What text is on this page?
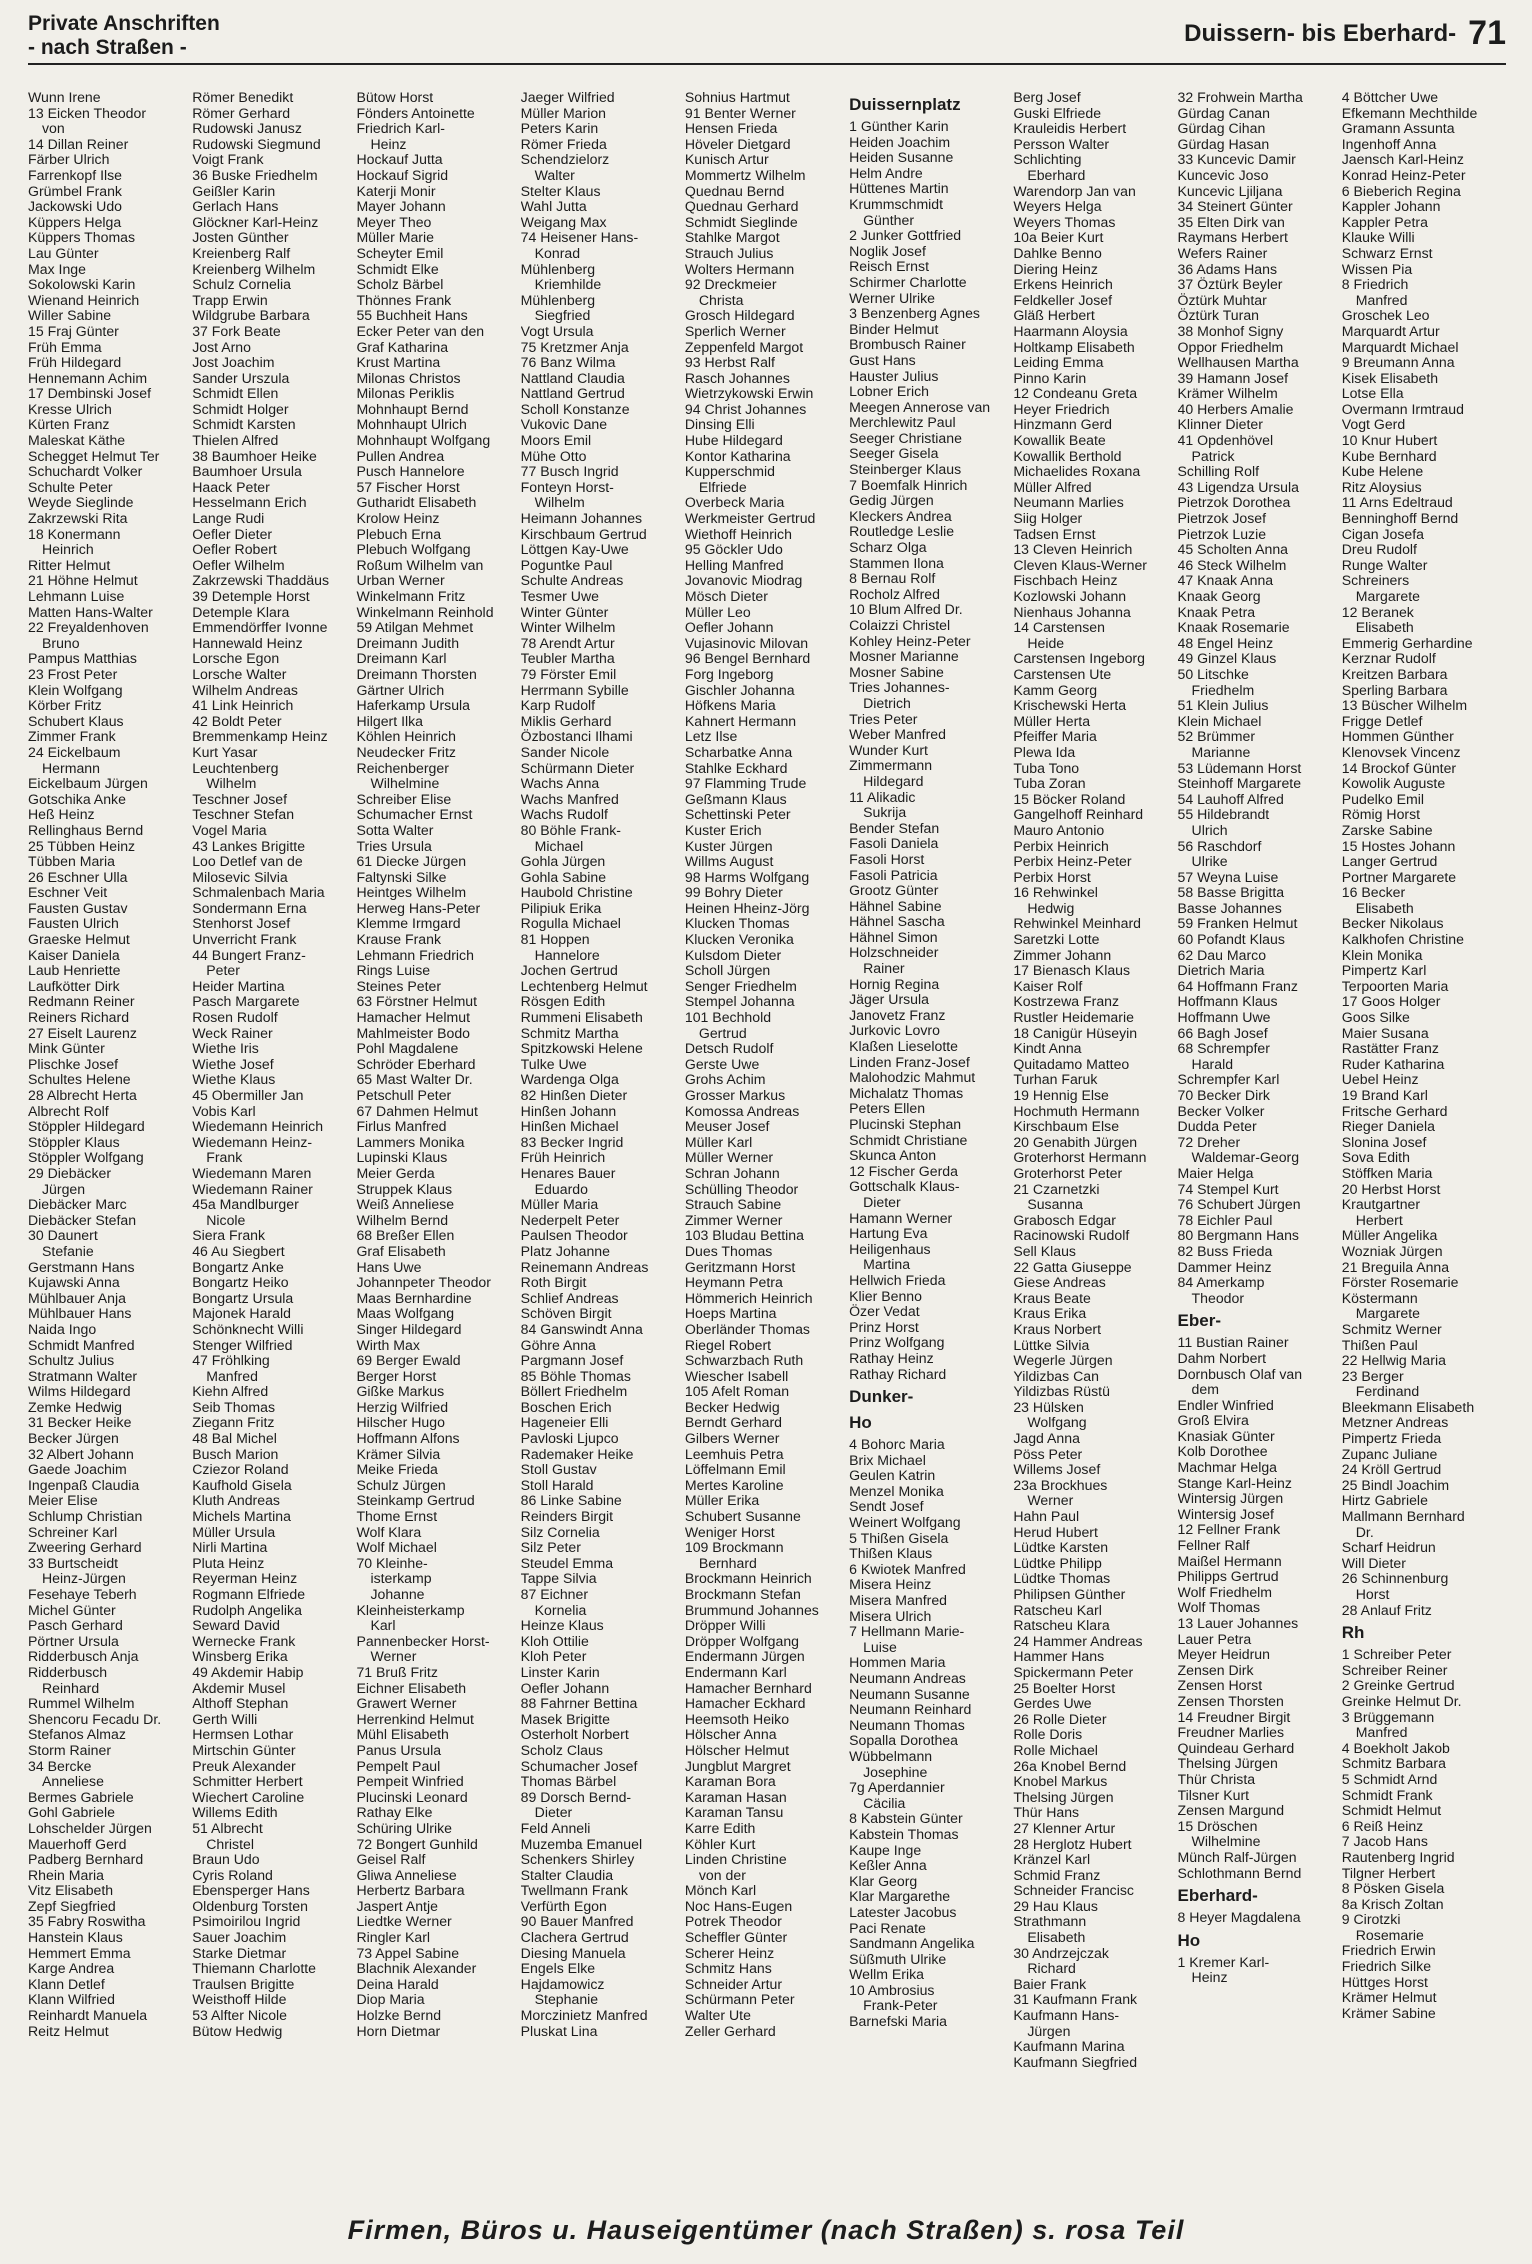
Private Anschriften
- nach Straßen -
Duissern- bis Eberhard- 71
Wunn Irene
13 Eicken Theodor
von
14 Dillan Reiner
Färber Ulrich
Farrenkopf Ilse
Grümbel Frank
Jackowski Udo
Küppers Helga
Küppers Thomas
Lau Günter
Max Inge
Sokolowski Karin
Wienand Heinrich
Willer Sabine
15 Fraj Günter
Früh Emma
Früh Hildegard
Hennemann Achim
17 Dembinski Josef
Kresse Ulrich
Kürten Franz
Maleskat Käthe
Schegget Helmut Ter
Schuchardt Volker
Schulte Peter
Weyde Sieglinde
Zakrzewski Rita
18 Konermann
Heinrich
Ritter Helmut
21 Höhne Helmut
Lehmann Luise
Matten Hans-Walter
22 Freyaldenhoven
Bruno
Pampus Matthias
23 Frost Peter
Klein Wolfgang
Körber Fritz
Schubert Klaus
Zimmer Frank
24 Eickelbaum
Hermann
Eickelbaum Jürgen
Gotschika Anke
Heß Heinz
Rellinghaus Bernd
25 Tübben Heinz
Tübben Maria
26 Eschner Ulla
Eschner Veit
Fausten Gustav
Fausten Ulrich
Graeske Helmut
Kaiser Daniela
Laub Henriette
Laufkötter Dirk
Redmann Reiner
Reiners Richard
27 Eiselt Laurenz
Mink Günter
Plischke Josef
Schultes Helene
28 Albrecht Herta
Albrecht Rolf
Stöppler Hildegard
Stöppler Klaus
Stöppler Wolfgang
29 Diebäcker
Jürgen
Diebäcker Marc
Diebäcker Stefan
30 Daunert
Stefanie
Gerstmann Hans
Kujawski Anna
Mühlbauer Anja
Mühlbauer Hans
Naida Ingo
Schmidt Manfred
Schultz Julius
Stratmann Walter
Wilms Hildegard
Zemke Hedwig
31 Becker Heike
Becker Jürgen
32 Albert Johann
Gaede Joachim
Ingenpaß Claudia
Meier Elise
Schlump Christian
Schreiner Karl
Zweering Gerhard
33 Burtscheidt
Heinz-Jürgen
Fesehaye Teberh
Michel Günter
Pasch Gerhard
Pörtner Ursula
Ridderbusch Anja
Ridderbusch
Reinhard
Rummel Wilhelm
Shencoru Fecadu Dr.
Stefanos Almaz
Storm Rainer
34 Bercke
Anneliese
Bermes Gabriele
Gohl Gabriele
Lohschelder Jürgen
Mauerhoff Gerd
Padberg Bernhard
Rhein Maria
Vitz Elisabeth
Zepf Siegfried
35 Fabry Roswitha
Hanstein Klaus
Hemmert Emma
Karge Andrea
Klann Detlef
Klann Wilfried
Reinhardt Manuela
Reitz Helmut
Römer Benedikt
Römer Gerhard
Rudowski Janusz
Rudowski Siegmund
Voigt Frank
36 Buske Friedhelm
Geißler Karin
Gerlach Hans
Glöckner Karl-Heinz
Josten Günther
Kreienberg Ralf
Kreienberg Wilhelm
Schulz Cornelia
Trapp Erwin
Wildgrube Barbara
37 Fork Beate
Jost Arno
Jost Joachim
Sander Urszula
Schmidt Ellen
Schmidt Holger
Schmidt Karsten
Thielen Alfred
38 Baumhoer Heike
Baumhoer Ursula
Haack Peter
Hesselmann Erich
Lange Rudi
Oefler Dieter
Oefler Robert
Oefler Wilhelm
Zakrzewski Thaddäus
39 Detemple Horst
Detemple Klara
Emmendörffer Ivonne
Hannewald Heinz
Lorsche Egon
Lorsche Walter
Wilhelm Andreas
41 Link Heinrich
42 Boldt Peter
Bremmenkamp Heinz
Kurt Yasar
Leuchtenberg
Wilhelm
Teschner Josef
Teschner Stefan
Vogel Maria
43 Lankes Brigitte
Loo Detlef van de
Milosevic Silvia
Schmalenbach Maria
Sondermann Erna
Stenhorst Josef
Unverricht Frank
44 Bungert Franz-
Peter
Heider Martina
Pasch Margarete
Rosen Rudolf
Weck Rainer
Wiethe Iris
Wiethe Josef
Wiethe Klaus
45 Obermiller Jan
Vobis Karl
Wiedemann Heinrich
Wiedemann Heinz-
Frank
Wiedemann Maren
Wiedemann Rainer
45a Mandlburger
Nicole
Siera Frank
46 Au Siegbert
Bongartz Anke
Bongartz Heiko
Bongartz Ursula
Majonek Harald
Schönknecht Willi
Stenger Wilfried
47 Fröhlking
Manfred
Kiehn Alfred
Seib Thomas
Ziegann Fritz
48 Bal Michel
Busch Marion
Cziezor Roland
Kaufhold Gisela
Kluth Andreas
Michels Martina
Müller Ursula
Nirli Martina
Pluta Heinz
Reyerman Heinz
Rogmann Elfriede
Rudolph Angelika
Seward David
Wernecke Frank
Winsberg Erika
49 Akdemir Habip
Akdemir Musel
Althoff Stephan
Gerth Willi
Hermsen Lothar
Mirtschin Günter
Preuk Alexander
Schmitter Herbert
Wiechert Caroline
Willems Edith
51 Albrecht
Christel
Braun Udo
Cyris Roland
Ebensperger Hans
Oldenburg Torsten
Psimoirilou Ingrid
Sauer Joachim
Starke Dietmar
Thiemann Charlotte
Traulsen Brigitte
Weisthoff Hilde
53 Alfter Nicole
Bütow Hedwig
Bütow Horst
Fönders Antoinette
Friedrich Karl-
Heinz
Hockauf Jutta
Hockauf Sigrid
Katerji Monir
Mayer Johann
Meyer Theo
Müller Marie
Scheyter Emil
Schmidt Elke
Scholz Bärbel
Thönnes Frank
55 Buchheit Hans
Ecker Peter van den
Graf Katharina
Krust Martina
Milonas Christos
Milonas Periklis
Mohnhaupt Bernd
Mohnhaupt Ulrich
Mohnhaupt Wolfgang
Pullen Andrea
Pusch Hannelore
57 Fischer Horst
Gutharidt Elisabeth
Krolow Heinz
Plebuch Erna
Plebuch Wolfgang
Roßum Wilhelm van
Urban Werner
Winkelmann Fritz
Winkelmann Reinhold
59 Atilgan Mehmet
Dreimann Judith
Dreimann Karl
Dreimann Thorsten
Gärtner Ulrich
Haferkamp Ursula
Hilgert Ilka
Köhlen Heinrich
Neudecker Fritz
Reichenberger
Wilhelmine
Schreiber Elise
Schumacher Ernst
Sotta Walter
Tries Ursula
61 Diecke Jürgen
Faltynski Silke
Heintges Wilhelm
Herweg Hans-Peter
Klemme Irmgard
Krause Frank
Lehmann Friedrich
Rings Luise
Steines Peter
63 Förstner Helmut
Hamacher Helmut
Mahlmeister Bodo
Pohl Magdalene
Schröder Eberhard
65 Mast Walter Dr.
Petschull Peter
67 Dahmen Helmut
Firlus Manfred
Lammers Monika
Lupinski Klaus
Meier Gerda
Struppek Klaus
Weiß Anneliese
Wilhelm Bernd
68 Breßer Ellen
Graf Elisabeth
Hans Uwe
Johannpeter Theodor
Maas Bernhardine
Maas Wolfgang
Singer Hildegard
Wirth Max
69 Berger Ewald
Berger Horst
Gißke Markus
Herzig Wilfried
Hilscher Hugo
Hoffmann Alfons
Krämer Silvia
Meike Frieda
Schulz Jürgen
Steinkamp Gertrud
Thome Ernst
Wolf Klara
Wolf Michael
70 Kleinhe-
isterkamp
Johanne
Kleinheisterkamp
Karl
Pannenbecker Horst-
Werner
71 Bruß Fritz
Eichner Elisabeth
Grawert Werner
Herrenkind Helmut
Mühl Elisabeth
Panus Ursula
Pempelt Paul
Pempeit Winfried
Plucinski Leonard
Rathay Elke
Schüring Ulrike
72 Bongert Gunhild
Geisel Ralf
Gliwa Anneliese
Herbertz Barbara
Jaspert Antje
Liedtke Werner
Ringler Karl
73 Appel Sabine
Blachnik Alexander
Deina Harald
Diop Maria
Holzke Bernd
Horn Dietmar
Jaeger Wilfried
Müller Marion
Peters Karin
Römer Frieda
Schendzielorz
Walter
Stelter Klaus
Wahl Jutta
Weigang Max
74 Heisener Hans-
Konrad
Mühlenberg
Kriemhilde
Mühlenberg
Siegfried
Vogt Ursula
75 Kretzmer Anja
76 Banz Wilma
Nattland Claudia
Nattland Gertrud
Scholl Konstanze
Vukovic Dane
Moors Emil
Mühe Otto
77 Busch Ingrid
Fonteyn Horst-
Wilhelm
Heimann Johannes
Kirschbaum Gertrud
Löttgen Kay-Uwe
Poguntke Paul
Schulte Andreas
Tesmer Uwe
Winter Günter
Winter Wilhelm
78 Arendt Artur
Teubler Martha
79 Förster Emil
Herrmann Sybille
Karp Rudolf
Miklis Gerhard
Özbostanci Ilhami
Sander Nicole
Schürmann Dieter
Wachs Anna
Wachs Manfred
Wachs Rudolf
80 Böhle Frank-
Michael
Gohla Jürgen
Gohla Sabine
Haubold Christine
Pilipiuk Erika
Rogulla Michael
81 Hoppen
Hannelore
Jochen Gertrud
Lechtenberg Helmut
Rösgen Edith
Rummeni Elisabeth
Schmitz Martha
Spitzkowski Helene
Tulke Uwe
Wardenga Olga
82 Hinßen Dieter
Hinßen Johann
Hinßen Michael
83 Becker Ingrid
Früh Heinrich
Henares Bauer
Eduardo
Müller Maria
Nederpelt Peter
Paulsen Theodor
Platz Johanne
Reinemann Andreas
Roth Birgit
Schlief Andreas
Schöven Birgit
84 Ganswindt Anna
Göhre Anna
Pargmann Josef
85 Böhle Thomas
Böllert Friedhelm
Boschen Erich
Hageneier Elli
Pavloski Ljupco
Rademaker Heike
Stoll Gustav
Stoll Harald
86 Linke Sabine
Reinders Birgit
Silz Cornelia
Silz Peter
Steudel Emma
Tappe Silvia
87 Eichner
Kornelia
Heinze Klaus
Kloh Ottilie
Kloh Peter
Linster Karin
Oefler Johann
88 Fahrner Bettina
Masek Brigitte
Osterholt Norbert
Scholz Claus
Schumacher Josef
Thomas Bärbel
89 Dorsch Bernd-
Dieter
Feld Anneli
Muzemba Emanuel
Schenkers Shirley
Stalter Claudia
Twellmann Frank
Verfürth Egon
90 Bauer Manfred
Clachera Gertrud
Diesing Manuela
Engels Elke
Hajdamowicz
Stephanie
Morczinietz Manfred
Pluskat Lina
Sohnius Hartmut
91 Benter Werner
Hensen Frieda
Höveler Dietgard
Kunisch Artur
Mommertz Wilhelm
Quednau Bernd
Quednau Gerhard
Schmidt Sieglinde
Stahlke Margot
Strauch Julius
Wolters Hermann
92 Dreckmeier
Christa
Grosch Hildegard
Sperlich Werner
Zeppenfeld Margot
93 Herbst Ralf
Rasch Johannes
Wietrzykowski Erwin
94 Christ Johannes
Dinsing Elli
Hube Hildegard
Kontor Katharina
Kupperschmid
Elfriede
Overbeck Maria
Werkmeister Gertrud
Wiethoff Heinrich
95 Göckler Udo
Helling Manfred
Jovanovic Miodrag
Mösch Dieter
Müller Leo
Oefler Johann
Vujasinovic Milovan
96 Bengel Bernhard
Forg Ingeborg
Gischler Johanna
Höfkens Maria
Kahnert Hermann
Letz Ilse
Scharbatke Anna
Stahlke Eckhard
97 Flamming Trude
Geßmann Klaus
Schettinski Peter
Kuster Erich
Kuster Jürgen
Willms August
98 Harms Wolfgang
99 Bohry Dieter
Heinen Hheinz-Jörg
Klucken Thomas
Klucken Veronika
Kulsdom Dieter
Scholl Jürgen
Senger Friedhelm
Stempel Johanna
101 Bechhold
Gertrud
Detsch Rudolf
Gerste Uwe
Grohs Achim
Grosser Markus
Komossa Andreas
Meuser Josef
Müller Karl
Müller Werner
Schran Johann
Schülling Theodor
Strauch Sabine
Zimmer Werner
103 Bludau Bettina
Dues Thomas
Geritzmann Horst
Heymann Petra
Hömmerich Heinrich
Hoeps Martina
Oberländer Thomas
Riegel Robert
Schwarzbach Ruth
Wiescher Isabell
105 Afelt Roman
Becker Hedwig
Berndt Gerhard
Gilbers Werner
Leemhuis Petra
Löffelmann Emil
Mertes Karoline
Müller Erika
Schubert Susanne
Weniger Horst
109 Brockmann
Bernhard
Brockmann Heinrich
Brockmann Stefan
Brummund Johannes
Dröpper Willi
Dröpper Wolfgang
Endermann Jürgen
Endermann Karl
Hamacher Bernhard
Hamacher Eckhard
Heemsoth Heiko
Hölscher Anna
Hölscher Helmut
Jungblut Margret
Karaman Bora
Karaman Hasan
Karaman Tansu
Karre Edith
Köhler Kurt
Linden Christine
von der
Mönch Karl
Noc Hans-Eugen
Potrek Theodor
Scheffler Günter
Scherer Heinz
Schmitz Hans
Schneider Artur
Schürmann Peter
Walter Ute
Zeller Gerhard
Duissernplatz
1 Günther Karin
Heiden Joachim
Heiden Susanne
Helm Andre
Hüttenes Martin
Krummschmidt
Günther
2 Junker Gottfried
Noglik Josef
Reisch Ernst
Schirmer Charlotte
Werner Ulrike
3 Benzenberg Agnes
Binder Helmut
Brombusch Rainer
Gust Hans
Hauster Julius
Lobner Erich
Meegen Annerose van
Merchlewitz Paul
Seeger Christiane
Seeger Gisela
Steinberger Klaus
7 Boemfalk Hinrich
Gedig Jürgen
Kleckers Andrea
Routledge Leslie
Scharz Olga
Stammen Ilona
8 Bernau Rolf
Rocholz Alfred
10 Blum Alfred Dr.
Colaizzi Christel
Kohley Heinz-Peter
Mosner Marianne
Mosner Sabine
Tries Johannes-
Dietrich
Tries Peter
Weber Manfred
Wunder Kurt
Zimmermann
Hildegard
11 Alikadic
Sukrija
Bender Stefan
Fasoli Daniela
Fasoli Horst
Fasoli Patricia
Grootz Günter
Hähnel Sabine
Hähnel Sascha
Hähnel Simon
Holzschneider
Rainer
Hornig Regina
Jäger Ursula
Janovetz Franz
Jurkovic Lovro
Klaßen Lieselotte
Linden Franz-Josef
Malohodzic Mahmut
Michalatz Thomas
Peters Ellen
Plucinski Stephan
Schmidt Christiane
Skunca Anton
12 Fischer Gerda
Gottschalk Klaus-
Dieter
Hamann Werner
Hartung Eva
Heiligenhaus
Martina
Hellwich Frieda
Klier Benno
Özer Vedat
Prinz Horst
Prinz Wolfgang
Rathay Heinz
Rathay Richard
Dunker-
Ho
4 Bohorc Maria
Brix Michael
Geulen Katrin
Menzel Monika
Sendt Josef
Weinert Wolfgang
5 Thißen Gisela
Thißen Klaus
6 Kwiotek Manfred
Misera Heinz
Misera Manfred
Misera Ulrich
7 Hellmann Marie-
Luise
Hommen Maria
Neumann Andreas
Neumann Susanne
Neumann Reinhard
Neumann Thomas
Sopalla Dorothea
Wübbelmann
Josephine
7g Aperdannier
Cäcilia
8 Kabstein Günter
Kabstein Thomas
Kaupe Inge
Keßler Anna
Klar Georg
Klar Margarethe
Latester Jacobus
Paci Renate
Sandmann Angelika
Süßmuth Ulrike
Wellm Erika
10 Ambrosius
Frank-Peter
Barnefski Maria
Berg Josef
Guski Elfriede
Krauleidis Herbert
Persson Walter
Schlichting
Eberhard
Warendorp Jan van
Weyers Helga
Weyers Thomas
10a Beier Kurt
Dahlke Benno
Diering Heinz
Erkens Heinrich
Feldkeller Josef
Gläß Herbert
Haarmann Aloysia
Holtkamp Elisabeth
Leiding Emma
Pinno Karin
12 Condeanu Greta
Heyer Friedrich
Hinzmann Gerd
Kowallik Beate
Kowallik Berthold
Michaelides Roxana
Müller Alfred
Neumann Marlies
Siig Holger
Tadsen Ernst
13 Cleven Heinrich
Cleven Klaus-Werner
Fischbach Heinz
Kozlowski Johann
Nienhaus Johanna
14 Carstensen
Heide
Carstensen Ingeborg
Carstensen Ute
Kamm Georg
Krischewski Herta
Müller Herta
Pfeiffer Maria
Plewa Ida
Tuba Tono
Tuba Zoran
15 Böcker Roland
Gangelhoff Reinhard
Mauro Antonio
Perbix Heinrich
Perbix Heinz-Peter
Perbix Horst
16 Rehwinkel
Hedwig
Rehwinkel Meinhard
Saretzki Lotte
Zimmer Johann
17 Bienasch Klaus
Kaiser Rolf
Kostrzewa Franz
Rustler Heidemarie
18 Canigür Hüseyin
Kindt Anna
Quitadamo Matteo
Turhan Faruk
19 Hennig Else
Hochmuth Hermann
Kirschbaum Else
20 Genabith Jürgen
Groterhorst Hermann
Groterhorst Peter
21 Czarnetzki
Susanna
Grabosch Edgar
Racinowski Rudolf
Sell Klaus
22 Gatta Giuseppe
Giese Andreas
Kraus Beate
Kraus Erika
Kraus Norbert
Lüttke Silvia
Wegerle Jürgen
Yildizbas Can
Yildizbas Rüstü
23 Hülsken
Wolfgang
Jagd Anna
Pöss Peter
Willems Josef
23a Brockhues
Werner
Hahn Paul
Herud Hubert
Lüdtke Karsten
Lüdtke Philipp
Lüdtke Thomas
Philipsen Günther
Ratscheu Karl
Ratscheu Klara
24 Hammer Andreas
Hammer Hans
Spickermann Peter
25 Boelter Horst
Gerdes Uwe
26 Rolle Dieter
Rolle Doris
Rolle Michael
26a Knobel Bernd
Knobel Markus
Thelsing Jürgen
Thür Hans
27 Klenner Artur
28 Herglotz Hubert
Kränzel Karl
Schmid Franz
Schneider Francisc
29 Hau Klaus
Strathmann
Elisabeth
30 Andrzejczak
Richard
Baier Frank
31 Kaufmann Frank
Kaufmann Hans-
Jürgen
Kaufmann Marina
Kaufmann Siegfried
32 Frohwein Martha
Gürdag Canan
Gürdag Cihan
Gürdag Hasan
33 Kuncevic Damir
Kuncevic Joso
Kuncevic Ljiljana
34 Steinert Günter
35 Elten Dirk van
Raymans Herbert
Wefers Rainer
36 Adams Hans
37 Öztürk Beyler
Öztürk Muhtar
Öztürk Turan
38 Monhof Signy
Oppor Friedhelm
Wellhausen Martha
39 Hamann Josef
Krämer Wilhelm
40 Herbers Amalie
Klinner Dieter
41 Opdenhövel
Patrick
Schilling Rolf
43 Ligendza Ursula
Pietrzok Dorothea
Pietrzok Josef
Pietrzok Luzie
45 Scholten Anna
46 Steck Wilhelm
47 Knaak Anna
Knaak Georg
Knaak Petra
Knaak Rosemarie
48 Engel Heinz
49 Ginzel Klaus
50 Litschke
Friedhelm
51 Klein Julius
Klein Michael
52 Brümmer
Marianne
53 Lüdemann Horst
Steinhoff Margarete
54 Lauhoff Alfred
55 Hildebrandt
Ulrich
56 Raschdorf
Ulrike
57 Weyna Luise
58 Basse Brigitta
Basse Johannes
59 Franken Helmut
60 Pofandt Klaus
62 Dau Marco
Dietrich Maria
64 Hoffmann Franz
Hoffmann Klaus
Hoffmann Uwe
66 Bagh Josef
68 Schrempfer
Harald
Schrempfer Karl
70 Becker Dirk
Becker Volker
Dudda Peter
72 Dreher
Waldemar-Georg
Maier Helga
74 Stempel Kurt
76 Schubert Jürgen
78 Eichler Paul
80 Bergmann Hans
82 Buss Frieda
Dammer Heinz
84 Amerkamp
Theodor
Eber-
11 Bustian Rainer
Dahm Norbert
Dornbusch Olaf van
dem
Endler Winfried
Groß Elvira
Knasiak Günter
Kolb Dorothee
Machmar Helga
Stange Karl-Heinz
Wintersig Jürgen
Wintersig Josef
12 Fellner Frank
Fellner Ralf
Maißel Hermann
Philipps Gertrud
Wolf Friedhelm
Wolf Thomas
13 Lauer Johannes
Lauer Petra
Meyer Heidrun
Zensen Dirk
Zensen Horst
Zensen Thorsten
14 Freudner Birgit
Freudner Marlies
Quindeau Gerhard
Thelsing Jürgen
Thür Christa
Tilsner Kurt
Zensen Margund
15 Dröschen
Wilhelmine
Münch Ralf-Jürgen
Schlothmann Bernd
Eberhard-
8 Heyer Magdalena
Ho
1 Kremer Karl-
Heinz
4 Böttcher Uwe
Efkemann Mechthilde
Gramann Assunta
Ingenhoff Anna
Jaensch Karl-Heinz
Konrad Heinz-Peter
6 Bieberich Regina
Kappler Johann
Kappler Petra
Klauke Willi
Schwarz Ernst
Wissen Pia
8 Friedrich
Manfred
Groschek Leo
Marquardt Artur
Marquardt Michael
9 Breumann Anna
Kisek Elisabeth
Lotse Ella
Overmann Irmtraud
Vogt Gerd
10 Knur Hubert
Kube Bernhard
Kube Helene
Ritz Aloysius
11 Arns Edeltraud
Benninghoff Bernd
Cigan Josefa
Dreu Rudolf
Runge Walter
Schreiners
Margarete
12 Beranek
Elisabeth
Emmerig Gerhardine
Kerznar Rudolf
Kreitzen Barbara
Sperling Barbara
13 Büscher Wilhelm
Frigge Detlef
Hommen Günther
Klenovsek Vincenz
14 Brockof Günter
Kowolik Auguste
Pudelko Emil
Römig Horst
Zarske Sabine
15 Hostes Johann
Langer Gertrud
Portner Margarete
16 Becker
Elisabeth
Becker Nikolaus
Kalkhofen Christine
Klein Monika
Pimpertz Karl
Terpoorten Maria
17 Goos Holger
Goos Silke
Maier Susana
Rastätter Franz
Ruder Katharina
Uebel Heinz
19 Brand Karl
Fritsche Gerhard
Rieger Daniela
Slonina Josef
Sova Edith
Stöffken Maria
20 Herbst Horst
Krautgartner
Herbert
Müller Angelika
Wozniak Jürgen
21 Breguila Anna
Förster Rosemarie
Köstermann
Margarete
Schmitz Werner
Thißen Paul
22 Hellwig Maria
23 Berger
Ferdinand
Bleekmann Elisabeth
Metzner Andreas
Pimpertz Frieda
Zupanc Juliane
24 Kröll Gertrud
25 Bindl Joachim
Hirtz Gabriele
Mallmann Bernhard
Dr.
Scharf Heidrun
Will Dieter
26 Schinnenburg
Horst
28 Anlauf Fritz
Rh
1 Schreiber Peter
Schreiber Reiner
2 Greinke Gertrud
Greinke Helmut Dr.
3 Brüggemann
Manfred
4 Boekholt Jakob
Schmitz Barbara
5 Schmidt Arnd
Schmidt Frank
Schmidt Helmut
6 Reiß Heinz
7 Jacob Hans
Rautenberg Ingrid
Tilgner Herbert
8 Pösken Gisela
8a Krisch Zoltan
9 Cirotzki
Rosemarie
Friedrich Erwin
Friedrich Silke
Hüttges Horst
Krämer Helmut
Krämer Sabine
Firmen, Büros u. Hauseigentümer (nach Straßen) s. rosa Teil
